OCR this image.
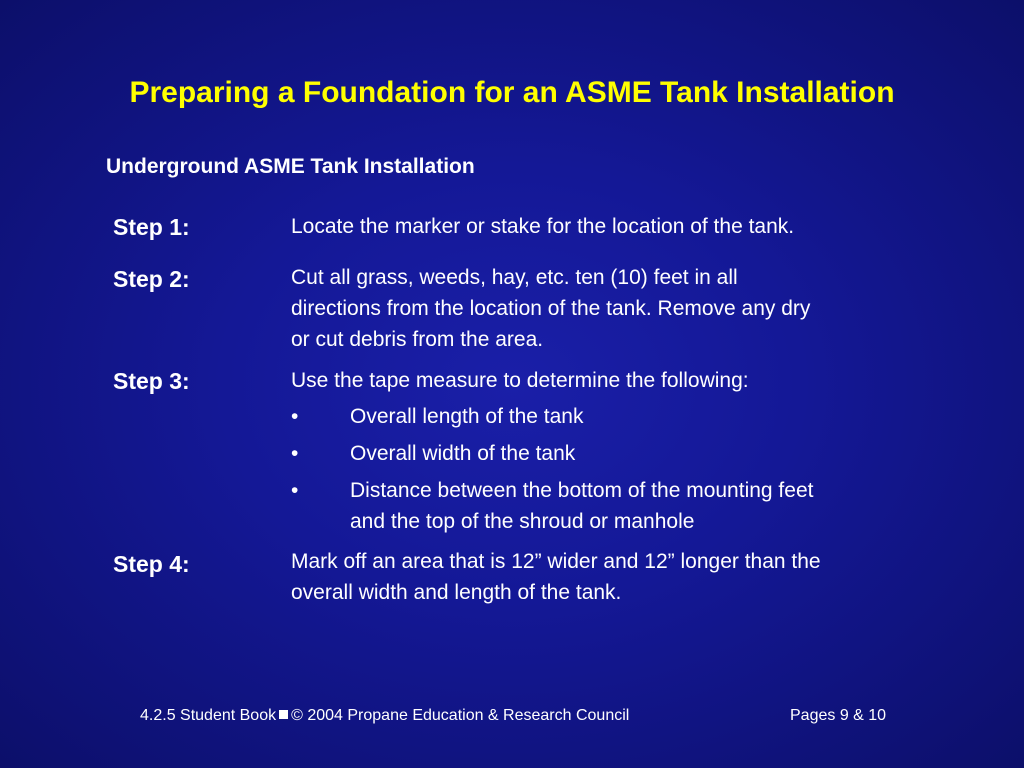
Preparing a Foundation for an ASME Tank Installation
Underground ASME Tank Installation
Step 1:	Locate the marker or stake for the location of the tank.
Step 2:	Cut all grass, weeds, hay, etc. ten (10) feet in all
directions from the location of the tank. Remove any dry
or cut debris from the area.
Step 3:	Use the tape measure to determine the following:
• Overall length of the tank
• Overall width of the tank
• Distance between the bottom of the mounting feet
and the top of the shroud or manhole
Step 4:	Mark off an area that is 12” wider and 12” longer than the
overall width and length of the tank.
4.2.5 Student Book © 2004 Propane Education & Research Council	Pages 9 & 10
